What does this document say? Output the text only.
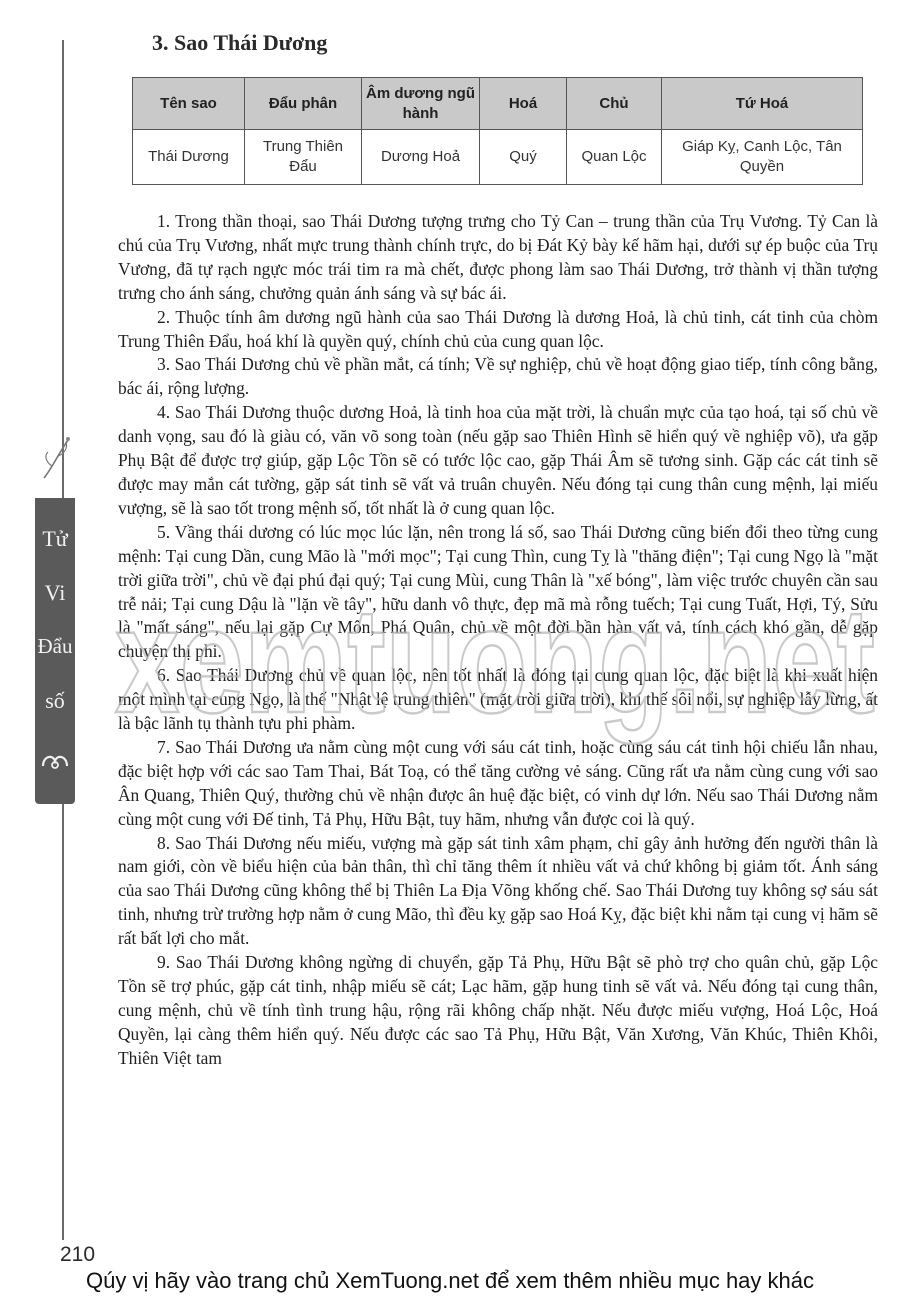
Tử
Vi
Đẩu
số
3. Sao Thái Dương
Tên sao	Đẩu phân	Âm dương ngũ hành	Hoá	Chủ	Tứ Hoá
Thái Dương	Trung Thiên Đẩu	Dương Hoả	Quý	Quan Lộc	Giáp Kỵ, Canh Lộc, Tân Quyền

1. Trong thần thoại, sao Thái Dương tượng trưng cho Tỷ Can – trung thần của Trụ Vương. Tỷ Can là chú của Trụ Vương, nhất mực trung thành chính trực, do bị Đát Kỷ bày kế hãm hại, dưới sự ép buộc của Trụ Vương, đã tự rạch ngực móc trái tim ra mà chết, được phong làm sao Thái Dương, trở thành vị thần tượng trưng cho ánh sáng, chưởng quản ánh sáng và sự bác ái.

2. Thuộc tính âm dương ngũ hành của sao Thái Dương là dương Hoả, là chủ tinh, cát tinh của chòm Trung Thiên Đẩu, hoá khí là quyền quý, chính chủ của cung quan lộc.

3. Sao Thái Dương chủ về phần mắt, cá tính; Về sự nghiệp, chủ về hoạt động giao tiếp, tính công bằng, bác ái, rộng lượng.

4. Sao Thái Dương thuộc dương Hoả, là tinh hoa của mặt trời, là chuẩn mực của tạo hoá, tại số chủ về danh vọng, sau đó là giàu có, văn võ song toàn (nếu gặp sao Thiên Hình sẽ hiển quý về nghiệp võ), ưa gặp Phụ Bật để được trợ giúp, gặp Lộc Tồn sẽ có tước lộc cao, gặp Thái Âm sẽ tương sinh. Gặp các cát tinh sẽ được may mắn cát tường, gặp sát tinh sẽ vất vả truân chuyên. Nếu đóng tại cung thân cung mệnh, lại miếu vượng, sẽ là sao tốt trong mệnh số, tốt nhất là ở cung quan lộc.

5. Vầng thái dương có lúc mọc lúc lặn, nên trong lá số, sao Thái Dương cũng biến đổi theo từng cung mệnh: Tại cung Dần, cung Mão là "mới mọc"; Tại cung Thìn, cung Tỵ là "thăng điện"; Tại cung Ngọ là "mặt trời giữa trời", chủ về đại phú đại quý; Tại cung Mùi, cung Thân là "xế bóng", làm việc trước chuyên cần sau trễ nải; Tại cung Dậu là "lặn về tây", hữu danh vô thực, đẹp mã mà rỗng tuếch; Tại cung Tuất, Hợi, Tý, Sửu là "mất sáng", nếu lại gặp Cự Môn, Phá Quân, chủ về một đời bần hàn vất vả, tính cách khó gần, dễ gặp chuyện thị phi.

6. Sao Thái Dương chủ về quan lộc, nên tốt nhất là đóng tại cung quan lộc, đặc biệt là khi xuất hiện một mình tại cung Ngọ, là thế "Nhật lệ trung thiên" (mặt trời giữa trời), khí thế sôi nổi, sự nghiệp lẫy lừng, ất là bậc lãnh tụ thành tựu phi phàm.

7. Sao Thái Dương ưa nằm cùng một cung với sáu cát tinh, hoặc cùng sáu cát tinh hội chiếu lẫn nhau, đặc biệt hợp với các sao Tam Thai, Bát Toạ, có thể tăng cường vẻ sáng. Cũng rất ưa nằm cùng cung với sao Ân Quang, Thiên Quý, thường chủ về nhận được ân huệ đặc biệt, có vinh dự lớn. Nếu sao Thái Dương nằm cùng một cung với Đế tinh, Tả Phụ, Hữu Bật, tuy hãm, nhưng vẫn được coi là quý.

8. Sao Thái Dương nếu miếu, vượng mà gặp sát tinh xâm phạm, chỉ gây ảnh hưởng đến người thân là nam giới, còn về biểu hiện của bản thân, thì chỉ tăng thêm ít nhiều vất vả chứ không bị giảm tốt. Ánh sáng của sao Thái Dương cũng không thể bị Thiên La Địa Võng khống chế. Sao Thái Dương tuy không sợ sáu sát tinh, nhưng trừ trường hợp nằm ở cung Mão, thì đều kỵ gặp sao Hoá Kỵ, đặc biệt khi nằm tại cung vị hãm sẽ rất bất lợi cho mắt.

9. Sao Thái Dương không ngừng di chuyển, gặp Tả Phụ, Hữu Bật sẽ phò trợ cho quân chủ, gặp Lộc Tồn sẽ trợ phúc, gặp cát tinh, nhập miếu sẽ cát; Lạc hãm, gặp hung tinh sẽ vất vả. Nếu đóng tại cung thân, cung mệnh, chủ về tính tình trung hậu, rộng rãi không chấp nhặt. Nếu được miếu vượng, Hoá Lộc, Hoá Quyền, lại càng thêm hiển quý. Nếu được các sao Tả Phụ, Hữu Bật, Văn Xương, Văn Khúc, Thiên Khôi, Thiên Việt tam

xemtuong.net

210

Qúy vị hãy vào trang chủ XemTuong.net để xem thêm nhiều mục hay khác
